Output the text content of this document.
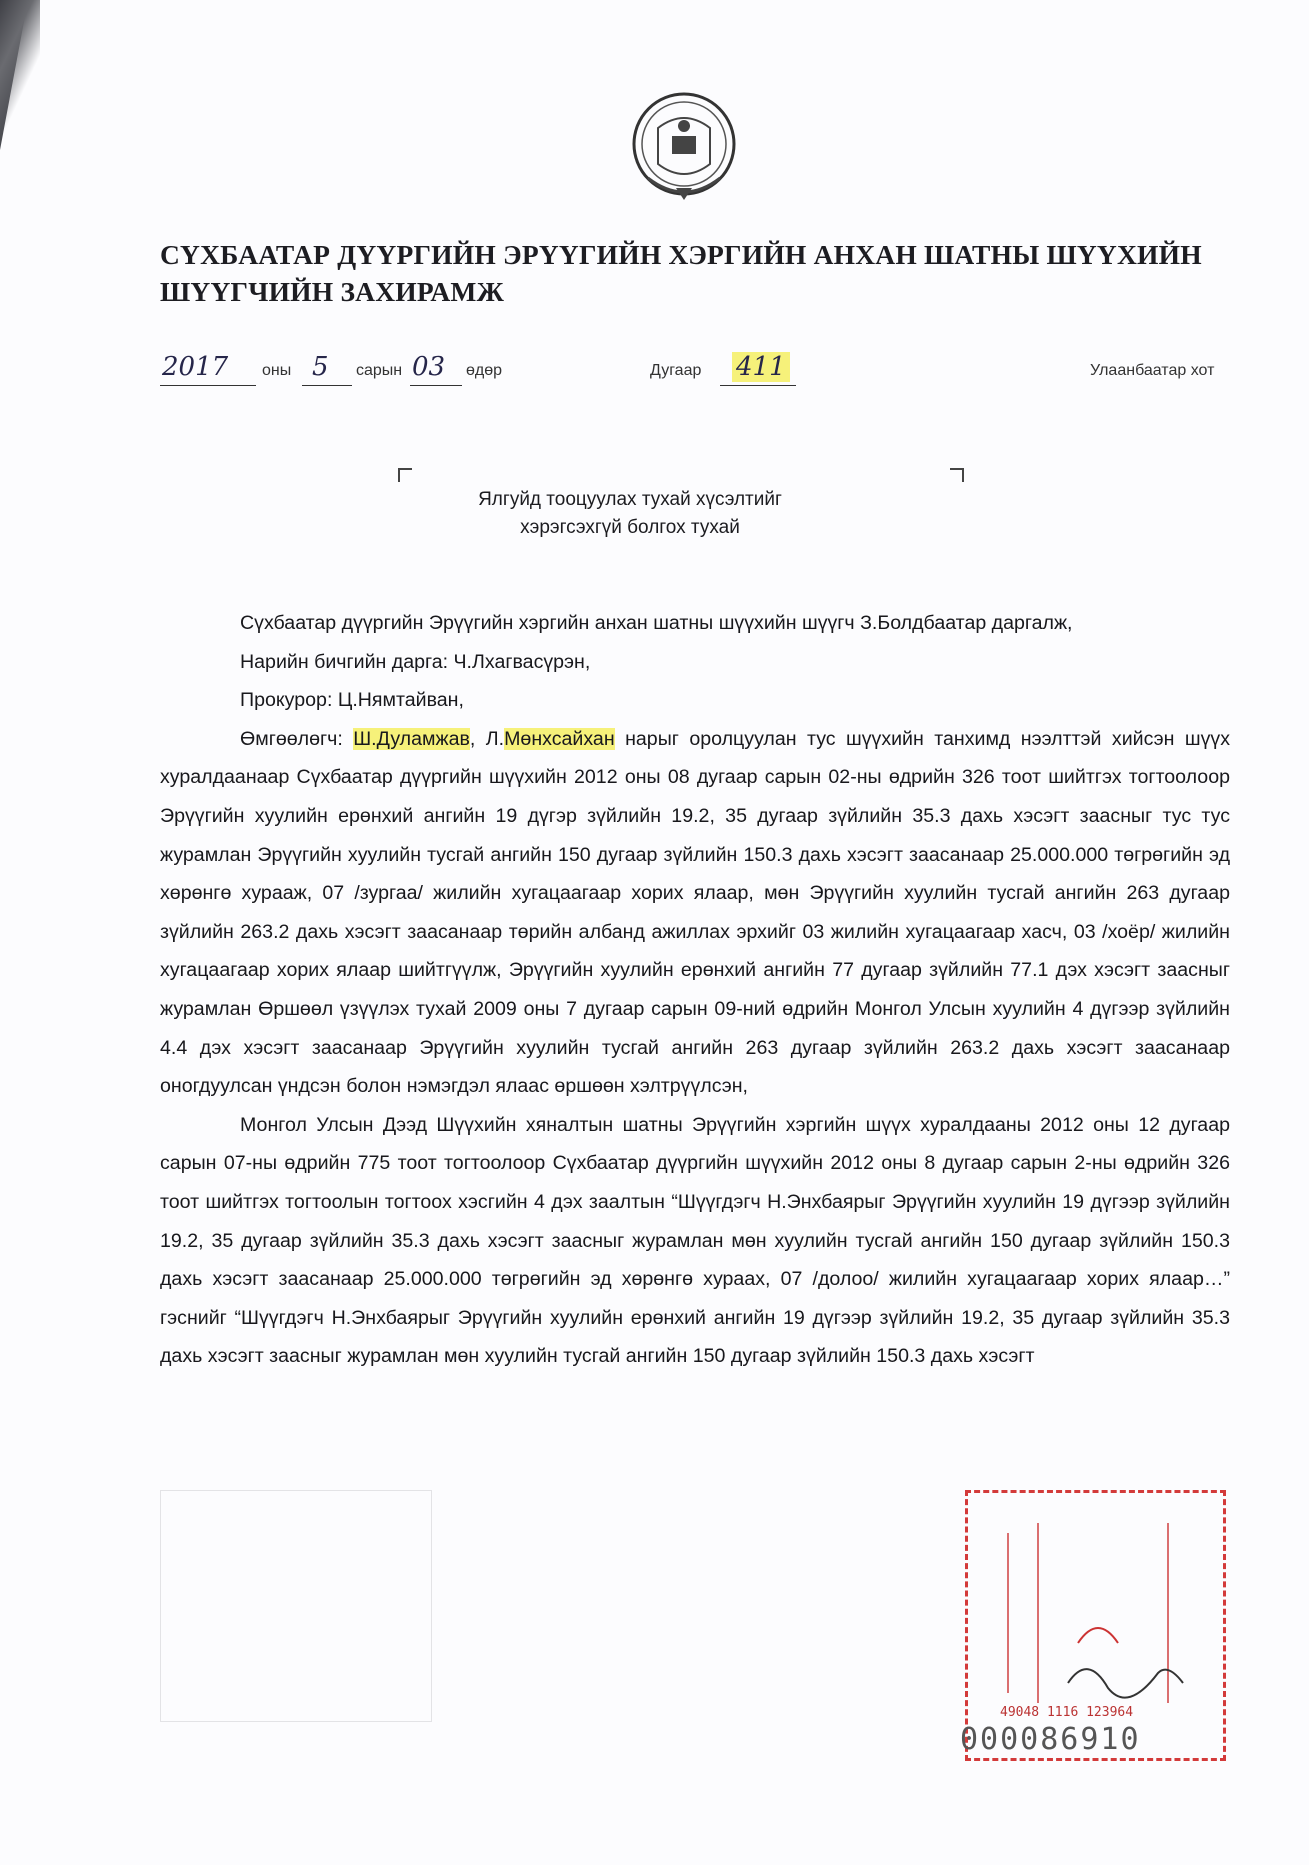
СҮХБААТАР ДҮҮРГИЙН ЭРҮҮГИЙН ХЭРГИЙН АНХАН ШАТНЫ ШҮҮХИЙН ШҮҮГЧИЙН ЗАХИРАМЖ
2017 оны 5 сарын 03 өдөр	Дугаар 411	Улаанбаатар хот
Ялгуйд тооцуулах тухай хүсэлтийг
хэрэгсэхгүй болгох тухай

Сүхбаатар дүүргийн Эрүүгийн хэргийн анхан шатны шүүхийн шүүгч З.Болдбаатар даргалж,

Нарийн бичгийн дарга: Ч.Лхагвасүрэн,

Прокурор: Ц.Нямтайван,

Өмгөөлөгч: Ш.Дуламжав, Л.Мөнхсайхан нарыг оролцуулан тус шүүхийн танхимд нээлттэй хийсэн шүүх хуралдаанаар Сүхбаатар дүүргийн шүүхийн 2012 оны 08 дугаар сарын 02-ны өдрийн 326 тоот шийтгэх тогтоолоор Эрүүгийн хуулийн ерөнхий ангийн 19 дүгэр зүйлийн 19.2, 35 дугаар зүйлийн 35.3 дахь хэсэгт заасныг тус тус журамлан Эрүүгийн хуулийн тусгай ангийн 150 дугаар зүйлийн 150.3 дахь хэсэгт заасанаар 25.000.000 төгрөгийн эд хөрөнгө хурааж, 07 /зургаа/ жилийн хугацаагаар хорих ялаар, мөн Эрүүгийн хуулийн тусгай ангийн 263 дугаар зүйлийн 263.2 дахь хэсэгт заасанаар төрийн албанд ажиллах эрхийг 03 жилийн хугацаагаар хасч, 03 /хоёр/ жилийн хугацаагаар хорих ялаар шийтгүүлж, Эрүүгийн хуулийн ерөнхий ангийн 77 дугаар зүйлийн 77.1 дэх хэсэгт заасныг журамлан Өршөөл үзүүлэх тухай 2009 оны 7 дугаар сарын 09-ний өдрийн Монгол Улсын хуулийн 4 дүгээр зүйлийн 4.4 дэх хэсэгт заасанаар Эрүүгийн хуулийн тусгай ангийн 263 дугаар зүйлийн 263.2 дахь хэсэгт заасанаар оногдуулсан үндсэн болон нэмэгдэл ялаас өршөөн хэлтрүүлсэн,

Монгол Улсын Дээд Шүүхийн хяналтын шатны Эрүүгийн хэргийн шүүх хуралдааны 2012 оны 12 дугаар сарын 07-ны өдрийн 775 тоот тогтоолоор Сүхбаатар дүүргийн шүүхийн 2012 оны 8 дугаар сарын 2-ны өдрийн 326 тоот шийтгэх тогтоолын тогтоох хэсгийн 4 дэх заалтын “Шүүгдэгч Н.Энхбаярыг Эрүүгийн хуулийн 19 дүгээр зүйлийн 19.2, 35 дугаар зүйлийн 35.3 дахь хэсэгт заасныг журамлан мөн хуулийн тусгай ангийн 150 дугаар зүйлийн 150.3 дахь хэсэгт заасанаар 25.000.000 төгрөгийн эд хөрөнгө хураах, 07 /долоо/ жилийн хугацаагаар хорих ялаар…” гэснийг “Шүүгдэгч Н.Энхбаярыг Эрүүгийн хуулийн ерөнхий ангийн 19 дүгээр зүйлийн 19.2, 35 дугаар зүйлийн 35.3 дахь хэсэгт заасныг журамлан мөн хуулийн тусгай ангийн 150 дугаар зүйлийн 150.3 дахь хэсэгт

49048 1116 123964
000086910
